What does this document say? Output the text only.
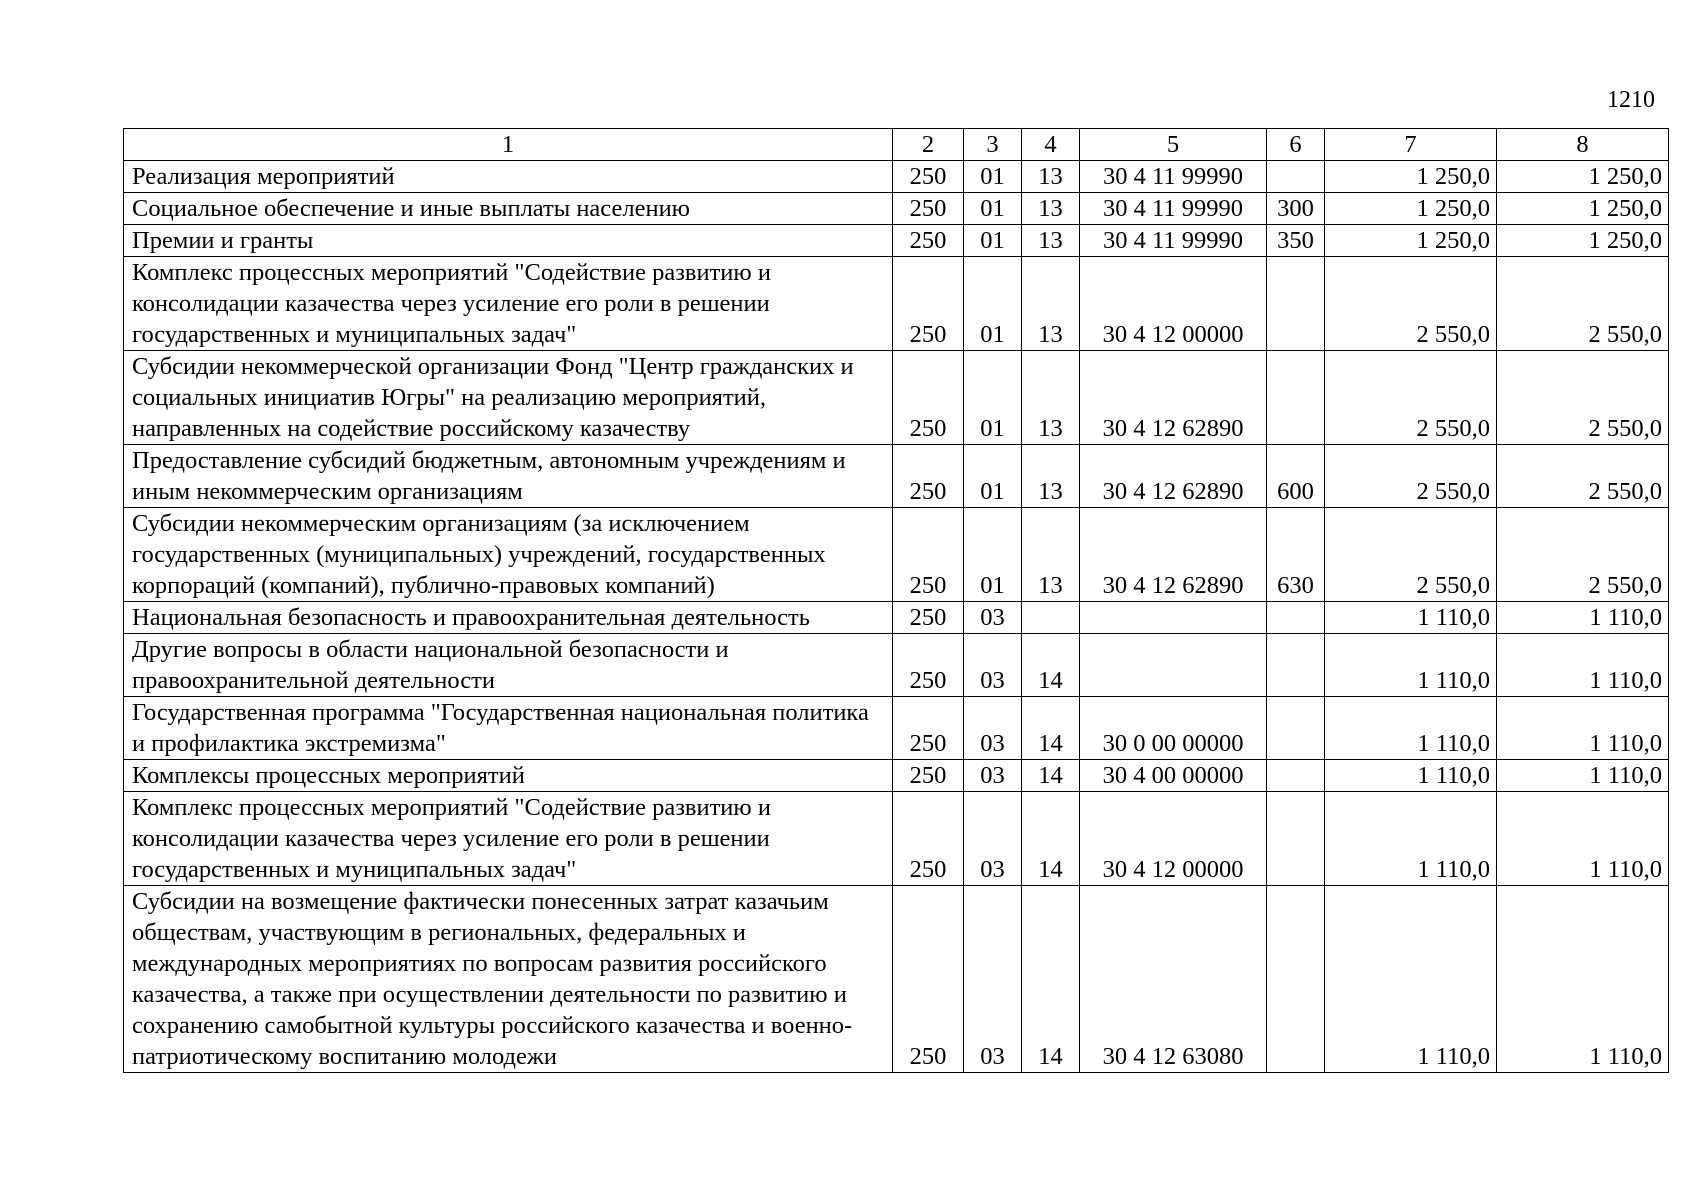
1210
1	2	3	4	5	6	7	8
Реализация мероприятий	250	01	13	30 4 11 99990		1 250,0	1 250,0
Социальное обеспечение и иные выплаты населению	250	01	13	30 4 11 99990	300	1 250,0	1 250,0
Премии и гранты	250	01	13	30 4 11 99990	350	1 250,0	1 250,0
Комплекс процессных мероприятий "Содействие развитию и консолидации казачества через усиление его роли в решении государственных и муниципальных задач"	250	01	13	30 4 12 00000		2 550,0	2 550,0
Субсидии некоммерческой организации Фонд "Центр гражданских и социальных инициатив Югры" на реализацию мероприятий, направленных на содействие российскому казачеству	250	01	13	30 4 12 62890		2 550,0	2 550,0
Предоставление субсидий бюджетным, автономным учреждениям и иным некоммерческим организациям	250	01	13	30 4 12 62890	600	2 550,0	2 550,0
Субсидии некоммерческим организациям (за исключением государственных (муниципальных) учреждений, государственных корпораций (компаний), публично-правовых компаний)	250	01	13	30 4 12 62890	630	2 550,0	2 550,0
Национальная безопасность и правоохранительная деятельность	250	03				1 110,0	1 110,0
Другие вопросы в области национальной безопасности и правоохранительной деятельности	250	03	14			1 110,0	1 110,0
Государственная программа "Государственная национальная политика и профилактика экстремизма"	250	03	14	30 0 00 00000		1 110,0	1 110,0
Комплексы процессных мероприятий	250	03	14	30 4 00 00000		1 110,0	1 110,0
Комплекс процессных мероприятий "Содействие развитию и консолидации казачества через усиление его роли в решении государственных и муниципальных задач"	250	03	14	30 4 12 00000		1 110,0	1 110,0
Субсидии на возмещение фактически понесенных затрат казачьим обществам, участвующим в региональных, федеральных и международных мероприятиях по вопросам развития российского казачества, а также при осуществлении деятельности по развитию и сохранению самобытной культуры российского казачества и военно-патриотическому воспитанию молодежи	250	03	14	30 4 12 63080		1 110,0	1 110,0
